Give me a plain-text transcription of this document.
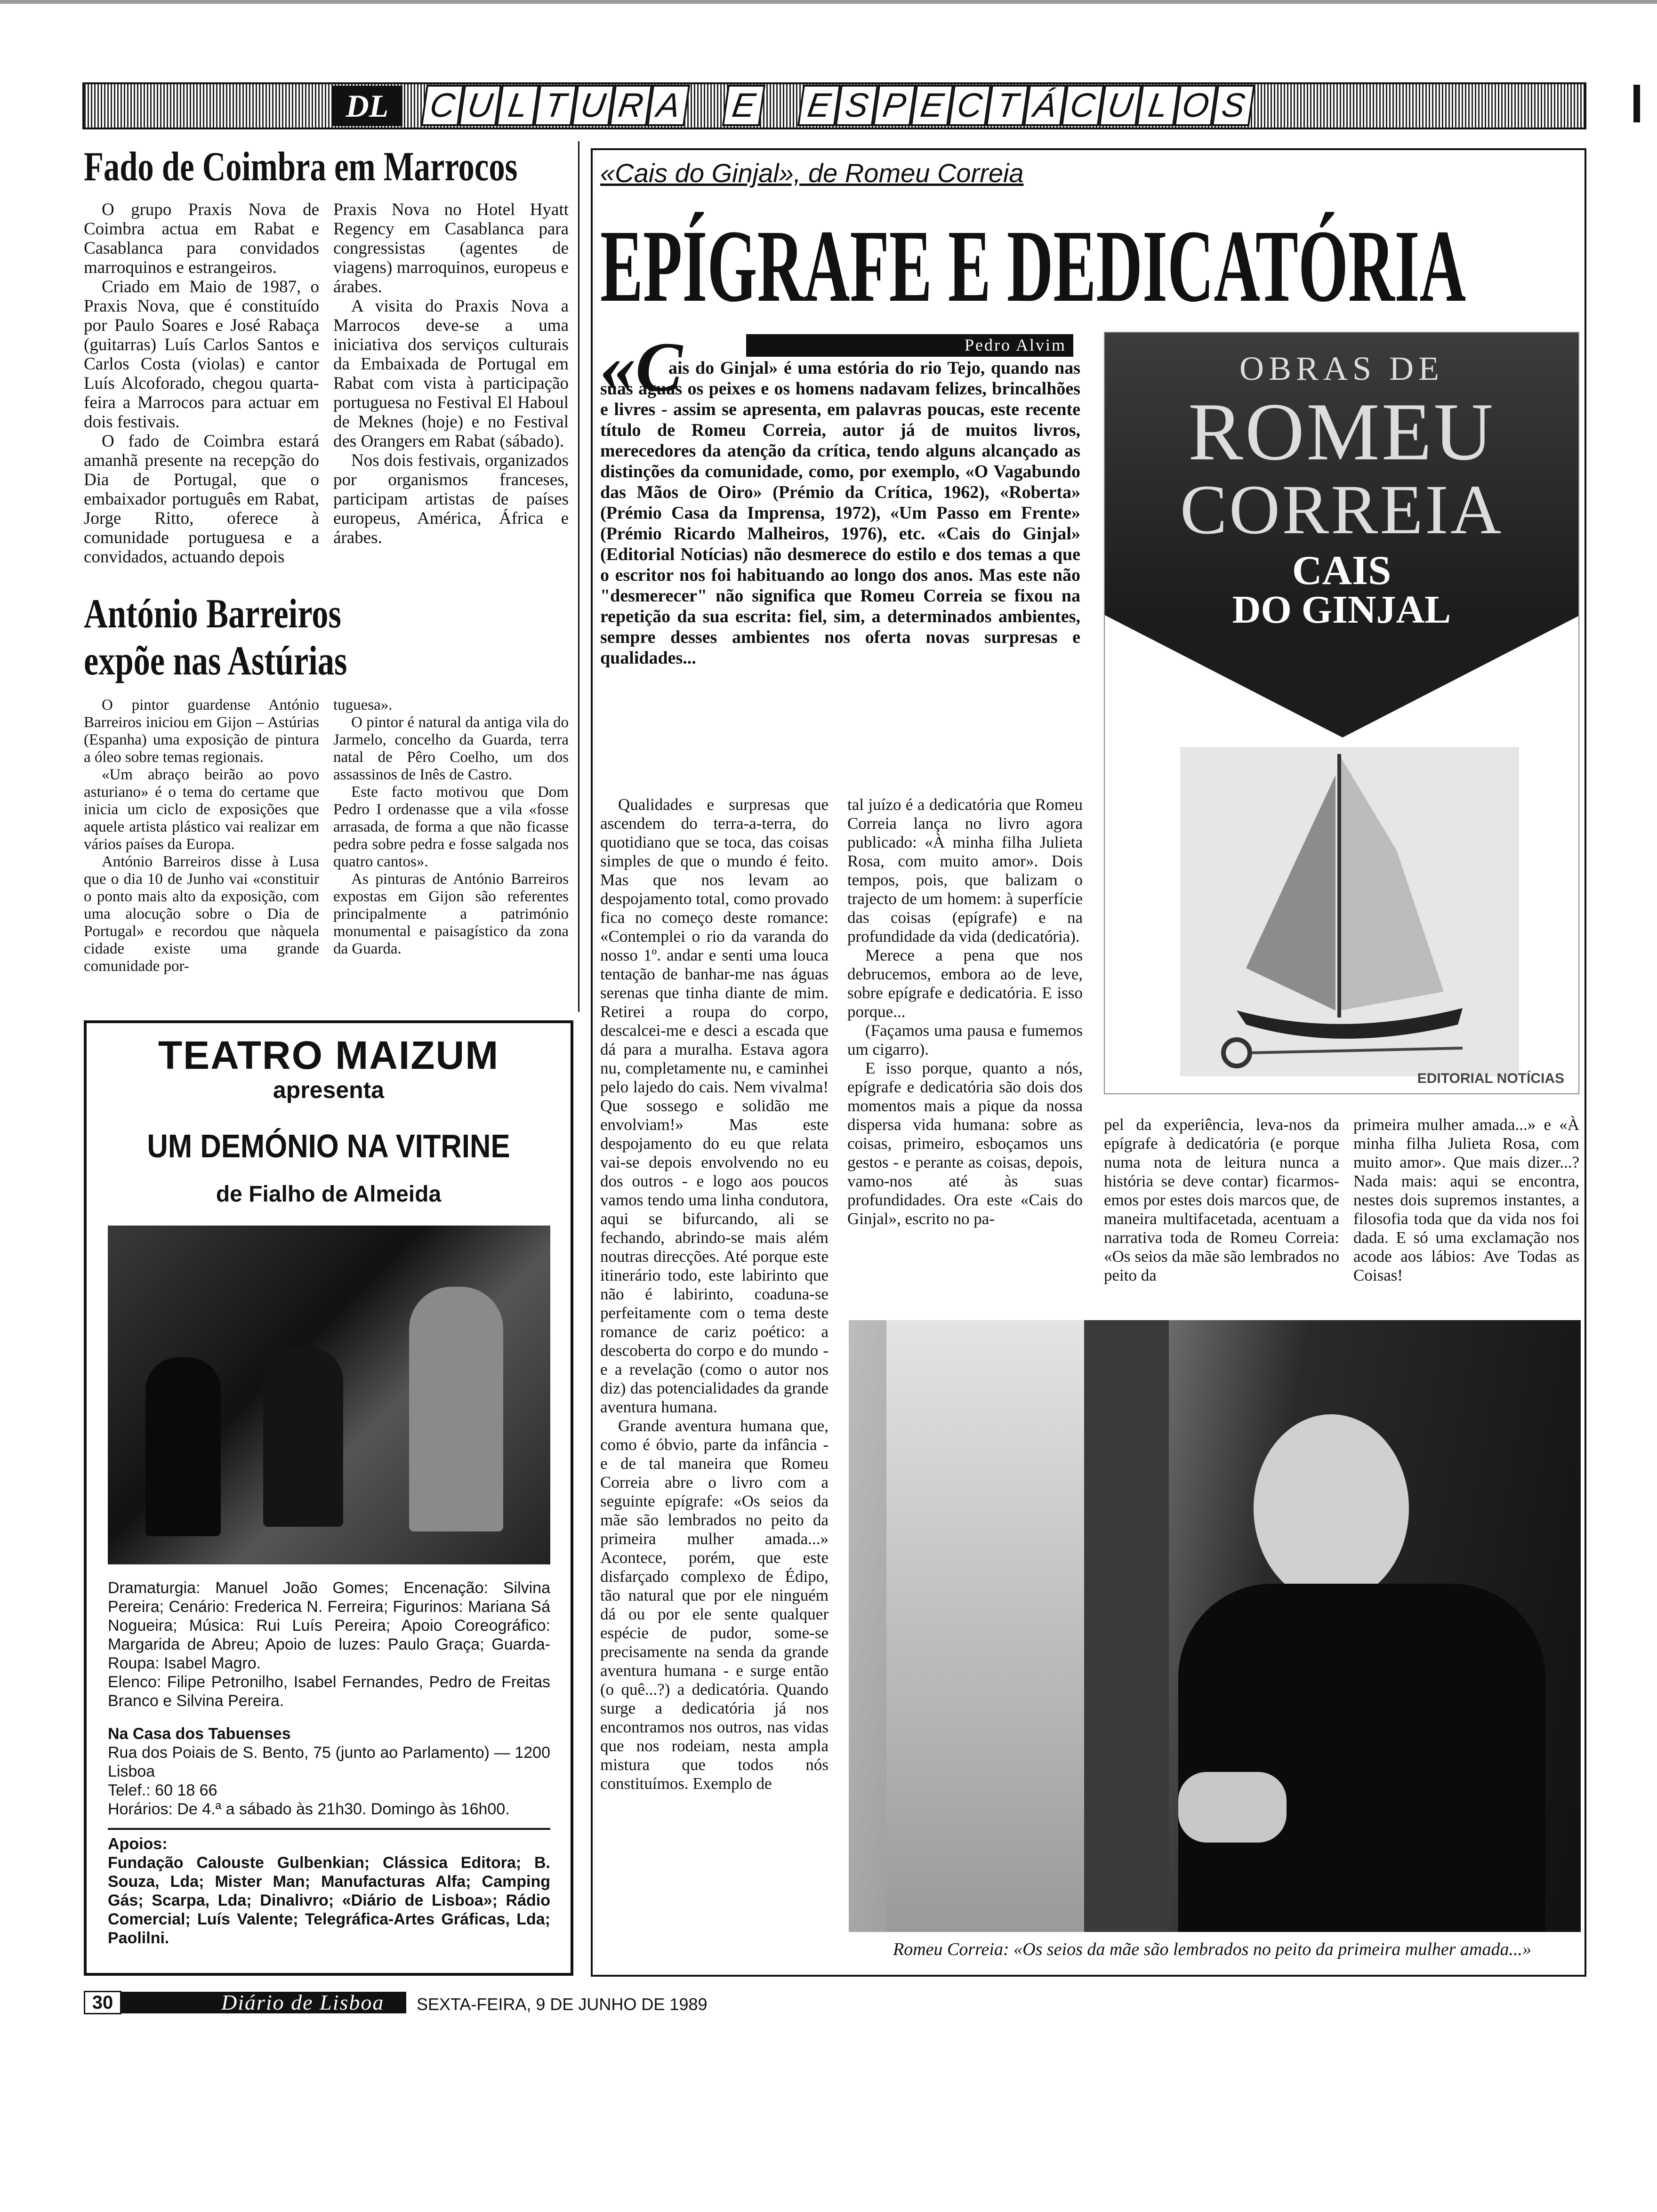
DL	C U L T U R A E E S P E C T Á C U L O S
Fado de Coimbra em Marrocos

O grupo Praxis Nova de Coimbra actua em Rabat e Casablanca para convidados marroquinos e estrangeiros.

Criado em Maio de 1987, o Praxis Nova, que é constituído por Paulo Soares e José Rabaça (guitarras) Luís Carlos Santos e Carlos Costa (violas) e cantor Luís Alcoforado, chegou quarta-feira a Marrocos para actuar em dois festivais.

O fado de Coimbra estará amanhã presente na recepção do Dia de Portugal, que o embaixador português em Rabat, Jorge Ritto, oferece à comunidade portuguesa e a convidados, actuando depois

Praxis Nova no Hotel Hyatt Regency em Casablanca para congressistas (agentes de viagens) marroquinos, europeus e árabes.

A visita do Praxis Nova a Marrocos deve-se a uma iniciativa dos serviços culturais da Embaixada de Portugal em Rabat com vista à participação portuguesa no Festival El Haboul de Meknes (hoje) e no Festival des Orangers em Rabat (sábado).

Nos dois festivais, organizados por organismos franceses, participam artistas de países europeus, América, África e árabes.

António Barreiros
expõe nas Astúrias

O pintor guardense António Barreiros iniciou em Gijon – Astúrias (Espanha) uma exposição de pintura a óleo sobre temas regionais.

«Um abraço beirão ao povo asturiano» é o tema do certame que inicia um ciclo de exposições que aquele artista plástico vai realizar em vários países da Europa.

António Barreiros disse à Lusa que o dia 10 de Junho vai «constituir o ponto mais alto da exposição, com uma alocução sobre o Dia de Portugal» e recordou que nàquela cidade existe uma grande comunidade por-

tuguesa».

O pintor é natural da antiga vila do Jarmelo, concelho da Guarda, terra natal de Pêro Coelho, um dos assassinos de Inês de Castro.

Este facto motivou que Dom Pedro I ordenasse que a vila «fosse arrasada, de forma a que não ficasse pedra sobre pedra e fosse salgada nos quatro cantos».

As pinturas de António Barreiros expostas em Gijon são referentes principalmente a património monumental e paisagístico da zona da Guarda.

TEATRO MAIZUM
apresenta
UM DEMÓNIO NA VITRINE
de Fialho de Almeida
Dramaturgia: Manuel João Gomes; Encenação: Silvina Pereira; Cenário: Frederica N. Ferreira; Figurinos: Mariana Sá Nogueira; Música: Rui Luís Pereira; Apoio Coreográfico: Margarida de Abreu; Apoio de luzes: Paulo Graça; Guarda-Roupa: Isabel Magro.
Elenco: Filipe Petronilho, Isabel Fernandes, Pedro de Freitas Branco e Silvina Pereira.
Na Casa dos Tabuenses
Rua dos Poiais de S. Bento, 75 (junto ao Parlamento) — 1200 Lisboa
Telef.: 60 18 66
Horários: De 4.ª a sábado às 21h30. Domingo às 16h00.
Apoios:
Fundação Calouste Gulbenkian; Clássica Editora; B. Souza, Lda; Mister Man; Manufacturas Alfa; Camping Gás; Scarpa, Lda; Dinalivro; «Diário de Lisboa»; Rádio Comercial; Luís Valente; Telegráfica-Artes Gráficas, Lda; Paolilni.
«Cais do Ginjal», de Romeu Correia
EPÍGRAFE E DEDICATÓRIA
Pedro Alvim
«C
ais do Ginjal» é uma estória do rio Tejo, quando nas suas águas os peixes e os homens nadavam felizes, brincalhões e livres - assim se apresenta, em palavras poucas, este recente título de Romeu Correia, autor já de muitos livros, merecedores da atenção da crítica, tendo alguns alcançado as distinções da comunidade, como, por exemplo, «O Vagabundo das Mãos de Oiro» (Prémio da Crítica, 1962), «Roberta» (Prémio Casa da Imprensa, 1972), «Um Passo em Frente» (Prémio Ricardo Malheiros, 1976), etc. «Cais do Ginjal» (Editorial Notícias) não desmerece do estilo e dos temas a que o escritor nos foi habituando ao longo dos anos. Mas este não "desmerecer" não significa que Romeu Correia se fixou na repetição da sua escrita: fiel, sim, a determinados ambientes, sempre desses ambientes nos oferta novas surpresas e qualidades...
OBRAS DE
ROMEU
CORREIA
CAIS
DO GINJAL
EDITORIAL NOTÍCIAS

Qualidades e surpresas que ascendem do terra-a-terra, do quotidiano que se toca, das coisas simples de que o mundo é feito. Mas que nos levam ao despojamento total, como provado fica no começo deste romance: «Contemplei o rio da varanda do nosso 1º. andar e senti uma louca tentação de banhar-me nas águas serenas que tinha diante de mim. Retirei a roupa do corpo, descalcei-me e desci a escada que dá para a muralha. Estava agora nu, completamente nu, e caminhei pelo lajedo do cais. Nem vivalma! Que sossego e solidão me envolviam!» Mas este despojamento do eu que relata vai-se depois envolvendo no eu dos outros - e logo aos poucos vamos tendo uma linha condutora, aqui se bifurcando, ali se fechando, abrindo-se mais além noutras direcções. Até porque este itinerário todo, este labirinto que não é labirinto, coaduna-se perfeitamente com o tema deste romance de cariz poético: a descoberta do corpo e do mundo - e a revelação (como o autor nos diz) das potencialidades da grande aventura humana.

Grande aventura humana que, como é óbvio, parte da infância - e de tal maneira que Romeu Correia abre o livro com a seguinte epígrafe: «Os seios da mãe são lembrados no peito da primeira mulher amada...» Acontece, porém, que este disfarçado complexo de Édipo, tão natural que por ele ninguém dá ou por ele sente qualquer espécie de pudor, some-se precisamente na senda da grande aventura humana - e surge então (o quê...?) a dedicatória. Quando surge a dedicatória já nos encontramos nos outros, nas vidas que nos rodeiam, nesta ampla mistura que todos nós constituímos. Exemplo de

tal juízo é a dedicatória que Romeu Correia lança no livro agora publicado: «À minha filha Julieta Rosa, com muito amor». Dois tempos, pois, que balizam o trajecto de um homem: à superfície das coisas (epígrafe) e na profundidade da vida (dedicatória).

Merece a pena que nos debrucemos, embora ao de leve, sobre epígrafe e dedicatória. E isso porque...

(Façamos uma pausa e fumemos um cigarro).

E isso porque, quanto a nós, epígrafe e dedicatória são dois dos momentos mais a pique da nossa dispersa vida humana: sobre as coisas, primeiro, esboçamos uns gestos - e perante as coisas, depois, vamo-nos até às suas profundidades. Ora este «Cais do Ginjal», escrito no pa-

pel da experiência, leva-nos da epígrafe à dedicatória (e porque numa nota de leitura nunca a história se deve contar) ficarmos-emos por estes dois marcos que, de maneira multifacetada, acentuam a narrativa toda de Romeu Correia: «Os seios da mãe são lembrados no peito da
primeira mulher amada...» e «À minha filha Julieta Rosa, com muito amor». Que mais dizer...? Nada mais: aqui se encontra, nestes dois supremos instantes, a filosofia toda que da vida nos foi dada. E só uma exclamação nos acode aos lábios: Ave Todas as Coisas!
Romeu Correia: «Os seios da mãe são lembrados no peito da primeira mulher amada...»
30	Diário de Lisboa SEXTA-FEIRA, 9 DE JUNHO DE 1989
